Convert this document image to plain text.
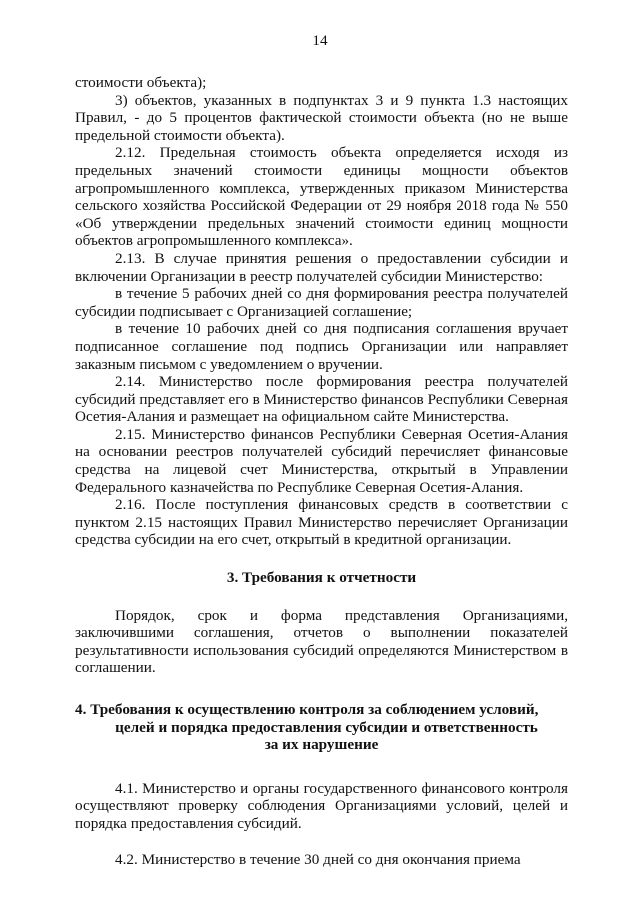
14

стоимости объекта);

3) объектов, указанных в подпунктах 3 и 9 пункта 1.3 настоящих Правил, - до 5 процентов фактической стоимости объекта (но не выше предельной стоимости объекта).

2.12. Предельная стоимость объекта определяется исходя из предельных значений стоимости единицы мощности объектов агропромышленного комплекса, утвержденных приказом Министерства сельского хозяйства Российской Федерации от 29 ноября 2018 года № 550 «Об утверждении предельных значений стоимости единиц мощности объектов агропромышленного комплекса».

2.13. В случае принятия решения о предоставлении субсидии и включении Организации в реестр получателей субсидии Министерство:

в течение 5 рабочих дней со дня формирования реестра получателей субсидии подписывает с Организацией соглашение;

в течение 10 рабочих дней со дня подписания соглашения вручает подписанное соглашение под подпись Организации или направляет заказным письмом с уведомлением о вручении.

2.14. Министерство после формирования реестра получателей субсидий представляет его в Министерство финансов Республики Северная Осетия-Алания и размещает на официальном сайте Министерства.

2.15. Министерство финансов Республики Северная Осетия-Алания на основании реестров получателей субсидий перечисляет финансовые средства на лицевой счет Министерства, открытый в Управлении Федерального казначейства по Республике Северная Осетия-Алания.

2.16. После поступления финансовых средств в соответствии с пунктом 2.15 настоящих Правил Министерство перечисляет Организации средства субсидии на его счет, открытый в кредитной организации.

3. Требования к отчетности

Порядок, срок и форма представления Организациями, заключившими соглашения, отчетов о выполнении показателей результативности использования субсидий определяются Министерством в соглашении.

4. Требования к осуществлению контроля за соблюдением условий,
целей и порядка предоставления субсидии и ответственность
за их нарушение

4.1. Министерство и органы государственного финансового контроля осуществляют проверку соблюдения Организациями условий, целей и порядка предоставления субсидий.

4.2. Министерство в течение 30 дней со дня окончания приема
